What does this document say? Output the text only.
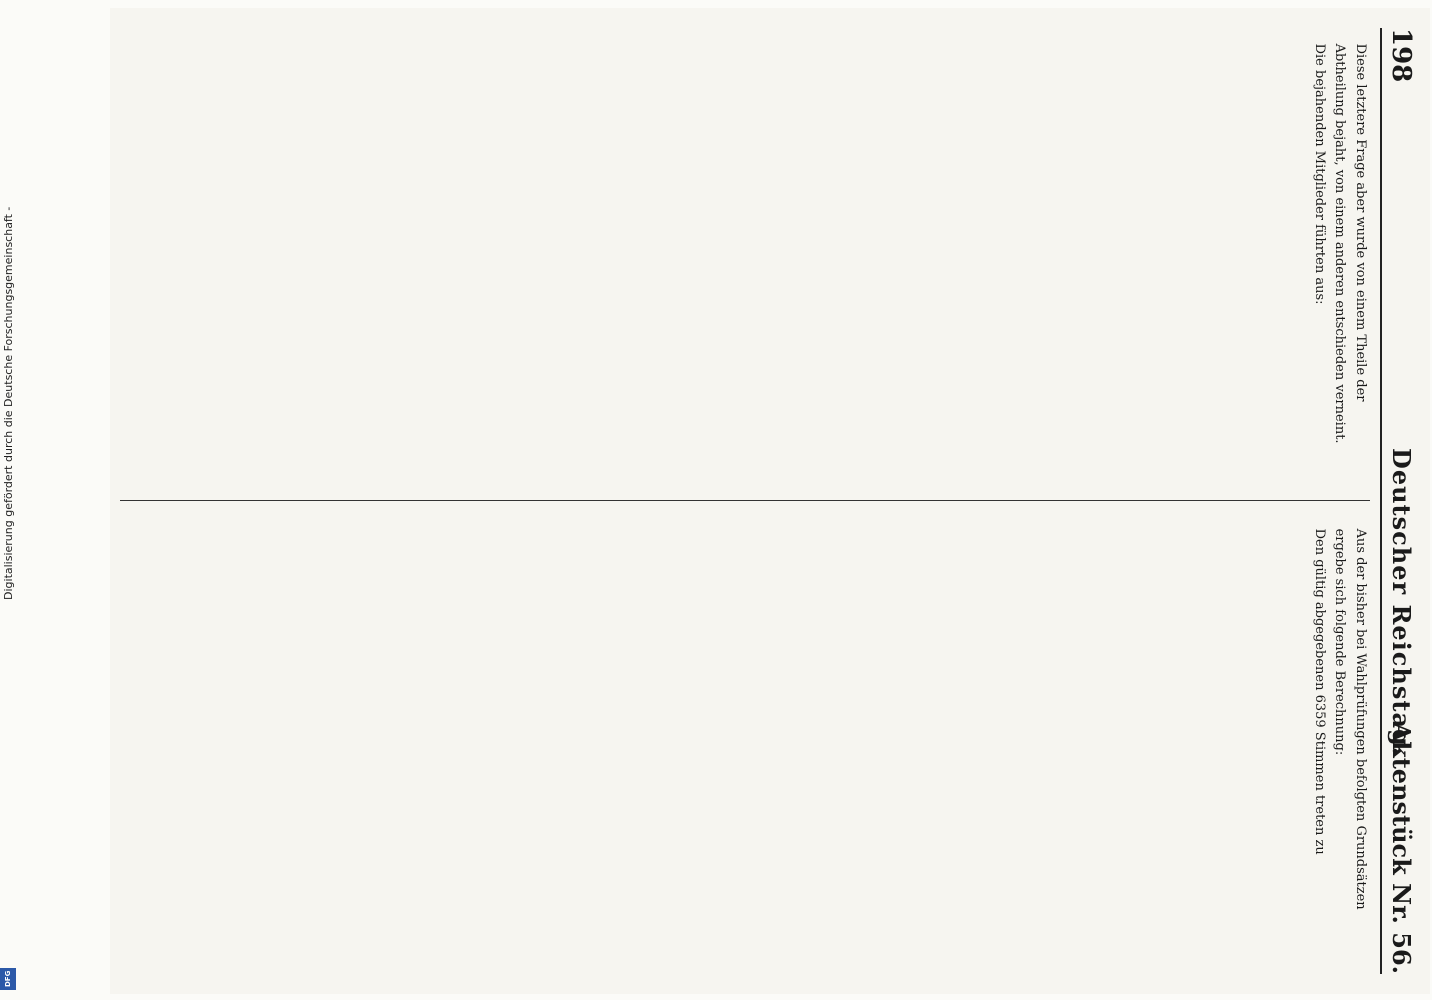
Digitalisierung gefördert durch die Deutsche Forschungsgemeinschaft -
DFG
198
Deutscher Reichstag.
Aktenstück Nr. 56.

Diese letztere Frage aber wurde von einem Theile der

Abtheilung bejaht, von einem anderen entschieden verneint.

Die bejahenden Mitglieder führten aus:

Aus der bisher bei Wahlprüfungen befolgten Grundsätzen

ergebe sich folgende Berechnung:

Den gültig abgegebenen 6359 Stimmen treten zu
